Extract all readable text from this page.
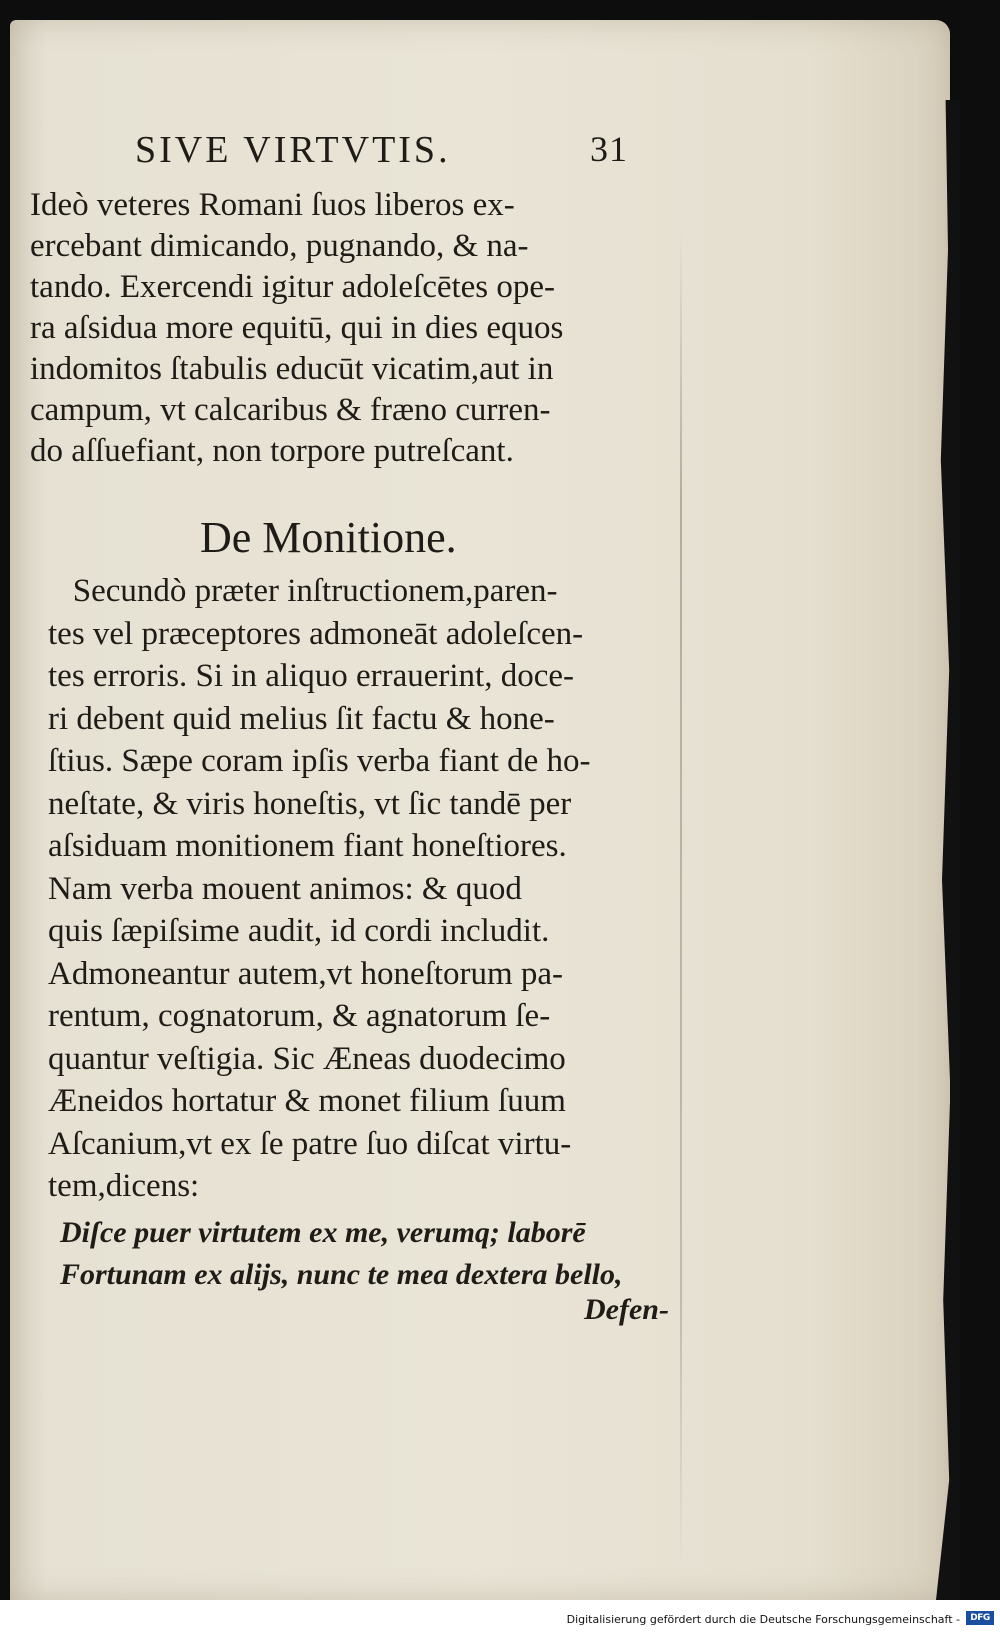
SIVE VIRTVTIS.	31
Ideò veteres Romani ſuos liberos ex-
ercebant dimicando, pugnando, & na-
tando. Exercendi igitur adoleſcētes ope-
ra aſsidua more equitū, qui in dies equos
indomitos ſtabulis educūt vicatim,aut in
campum, vt calcaribus & fræno curren-
do aſſuefiant, non torpore putreſcant.
De Monitione.
Secundò præter inſtructionem,paren-
tes vel præceptores admoneāt adoleſcen-
tes erroris. Si in aliquo errauerint, doce-
ri debent quid melius ſit factu & hone-
ſtius. Sæpe coram ipſis verba fiant de ho-
neſtate, & viris honeſtis, vt ſic tandē per
aſsiduam monitionem fiant honeſtiores.
Nam verba mouent animos: & quod
quis ſæpiſsime audit, id cordi includit.
Admoneantur autem,vt honeſtorum pa-
rentum, cognatorum, & agnatorum ſe-
quantur veſtigia. Sic Æneas duodecimo
Æneidos hortatur & monet filium ſuum
Aſcanium,vt ex ſe patre ſuo diſcat virtu-
tem,dicens:
Diſce puer virtutem ex me, verumq; laborē
Fortunam ex alijs, nunc te mea dextera bello,
Defen-
Digitalisierung gefördert durch die Deutsche Forschungsgemeinschaft -	DFG
